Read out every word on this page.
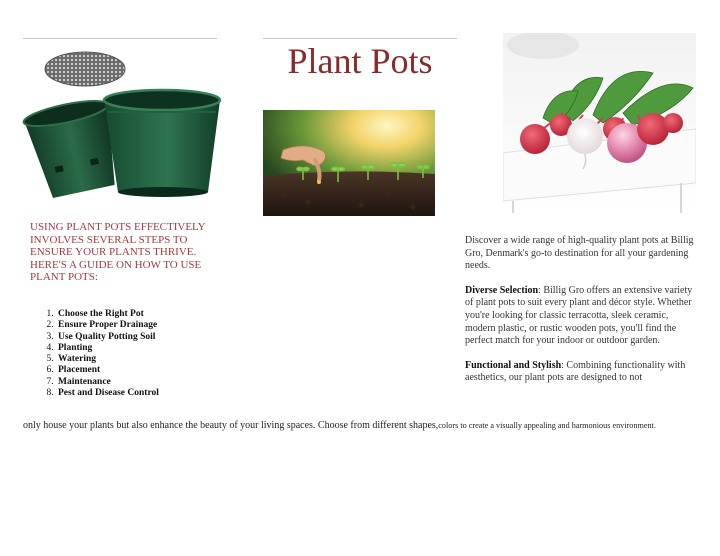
Plant Pots
USING PLANT POTS EFFECTIVELY INVOLVES SEVERAL STEPS TO ENSURE YOUR PLANTS THRIVE. HERE'S A GUIDE ON HOW TO USE PLANT POTS:
1. Choose the Right Pot
2. Ensure Proper Drainage
3. Use Quality Potting Soil
4. Planting
5. Watering
6. Placement
7. Maintenance
8. Pest and Disease Control

Discover a wide range of high-quality plant pots at Billig Gro, Denmark's go-to destination for all your gardening needs.

Diverse Selection: Billig Gro offers an extensive variety of plant pots to suit every plant and décor style. Whether you're looking for classic terracotta, sleek ceramic, modern plastic, or rustic wooden pots, you'll find the perfect match for your indoor or outdoor garden.

Functional and Stylish: Combining functionality with aesthetics, our plant pots are designed to not

only house your plants but also enhance the beauty of your living spaces. Choose from different shapes,colors to create a visually appealing and harmonious environment.
